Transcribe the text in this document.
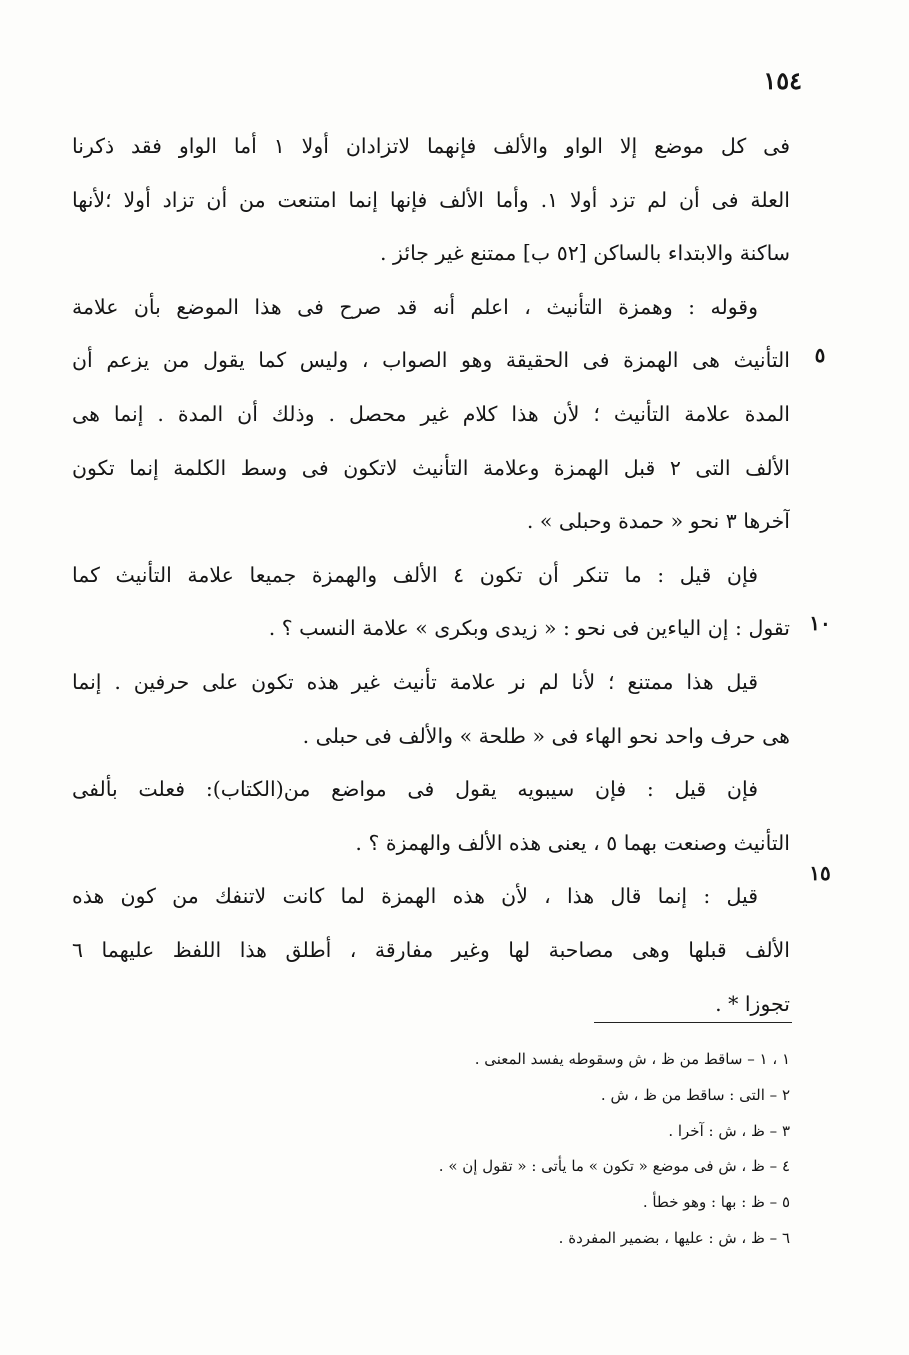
١٥٤
فى كل موضع إلا الواو والألف فإنهما لاتزادان أولا ١ أما الواو فقد ذكرنا
العلة فى أن لم تزد أولا ١. وأما الألف فإنها إنما امتنعت من أن تزاد أولا ؛لأنها
ساكنة والابتداء بالساكن [٥٢ ب] ممتنع غير جائز .
وقوله : وهمزة التأنيث ، اعلم أنه قد صرح فى هذا الموضع بأن علامة
التأنيث هى الهمزة فى الحقيقة وهو الصواب ، وليس كما يقول من يزعم أن
المدة علامة التأنيث ؛ لأن هذا كلام غير محصل . وذلك أن المدة . إنما هى
الألف التى ٢ قبل الهمزة وعلامة التأنيث لاتكون فى وسط الكلمة إنما تكون
آخرها ٣ نحو « حمدة وحبلى » .
فإن قيل : ما تنكر أن تكون ٤ الألف والهمزة جميعا علامة التأنيث كما
تقول : إن الياءين فى نحو : « زيدى وبكرى » علامة النسب ؟ .
قيل هذا ممتنع ؛ لأنا لم نر علامة تأنيث غير هذه تكون على حرفين . إنما
هى حرف واحد نحو الهاء فى « طلحة » والألف فى حبلى .
فإن قيل : فإن سيبويه يقول فى مواضع من(الكتاب): فعلت بألفى
التأنيث وصنعت بهما ٥ ، يعنى هذه الألف والهمزة ؟ .
قيل : إنما قال هذا ، لأن هذه الهمزة لما كانت لاتنفك من كون هذه
الألف قبلها وهى مصاحبة لها وغير مفارقة ، أطلق هذا اللفظ عليهما ٦
تجوزا * .
٥
١٠
١٥
١ ، ١ – ساقط من ظ ، ش وسقوطه يفسد المعنى .
٢ – التى : ساقط من ظ ، ش .
٣ – ظ ، ش : آخرا .
٤ – ظ ، ش فى موضع « تكون » ما يأتى : « تقول إن » .
٥ – ظ : بها : وهو خطأ .
٦ – ظ ، ش : عليها ، بضمير المفردة .
